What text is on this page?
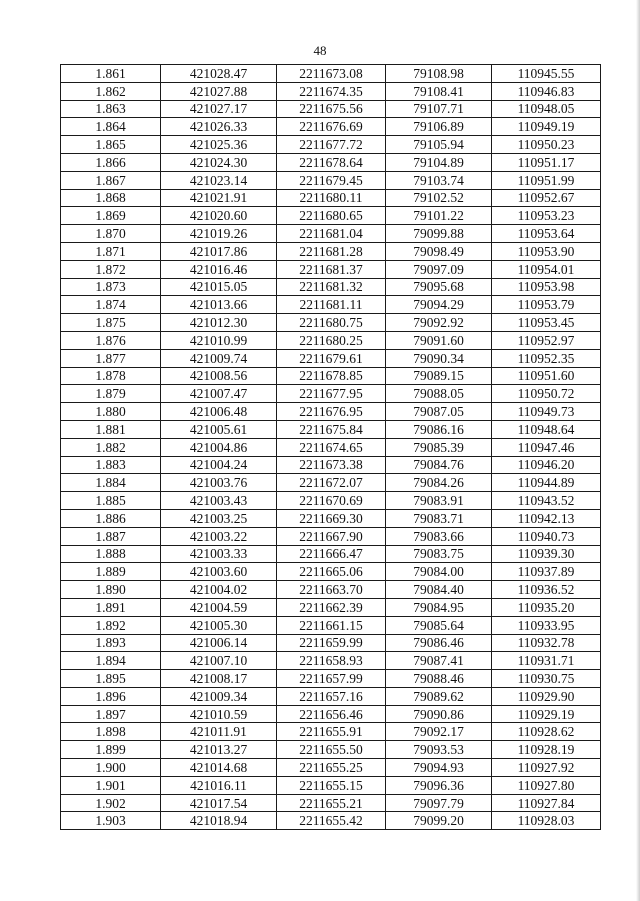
48
1.861	421028.47	2211673.08	79108.98	110945.55
1.862	421027.88	2211674.35	79108.41	110946.83
1.863	421027.17	2211675.56	79107.71	110948.05
1.864	421026.33	2211676.69	79106.89	110949.19
1.865	421025.36	2211677.72	79105.94	110950.23
1.866	421024.30	2211678.64	79104.89	110951.17
1.867	421023.14	2211679.45	79103.74	110951.99
1.868	421021.91	2211680.11	79102.52	110952.67
1.869	421020.60	2211680.65	79101.22	110953.23
1.870	421019.26	2211681.04	79099.88	110953.64
1.871	421017.86	2211681.28	79098.49	110953.90
1.872	421016.46	2211681.37	79097.09	110954.01
1.873	421015.05	2211681.32	79095.68	110953.98
1.874	421013.66	2211681.11	79094.29	110953.79
1.875	421012.30	2211680.75	79092.92	110953.45
1.876	421010.99	2211680.25	79091.60	110952.97
1.877	421009.74	2211679.61	79090.34	110952.35
1.878	421008.56	2211678.85	79089.15	110951.60
1.879	421007.47	2211677.95	79088.05	110950.72
1.880	421006.48	2211676.95	79087.05	110949.73
1.881	421005.61	2211675.84	79086.16	110948.64
1.882	421004.86	2211674.65	79085.39	110947.46
1.883	421004.24	2211673.38	79084.76	110946.20
1.884	421003.76	2211672.07	79084.26	110944.89
1.885	421003.43	2211670.69	79083.91	110943.52
1.886	421003.25	2211669.30	79083.71	110942.13
1.887	421003.22	2211667.90	79083.66	110940.73
1.888	421003.33	2211666.47	79083.75	110939.30
1.889	421003.60	2211665.06	79084.00	110937.89
1.890	421004.02	2211663.70	79084.40	110936.52
1.891	421004.59	2211662.39	79084.95	110935.20
1.892	421005.30	2211661.15	79085.64	110933.95
1.893	421006.14	2211659.99	79086.46	110932.78
1.894	421007.10	2211658.93	79087.41	110931.71
1.895	421008.17	2211657.99	79088.46	110930.75
1.896	421009.34	2211657.16	79089.62	110929.90
1.897	421010.59	2211656.46	79090.86	110929.19
1.898	421011.91	2211655.91	79092.17	110928.62
1.899	421013.27	2211655.50	79093.53	110928.19
1.900	421014.68	2211655.25	79094.93	110927.92
1.901	421016.11	2211655.15	79096.36	110927.80
1.902	421017.54	2211655.21	79097.79	110927.84
1.903	421018.94	2211655.42	79099.20	110928.03
